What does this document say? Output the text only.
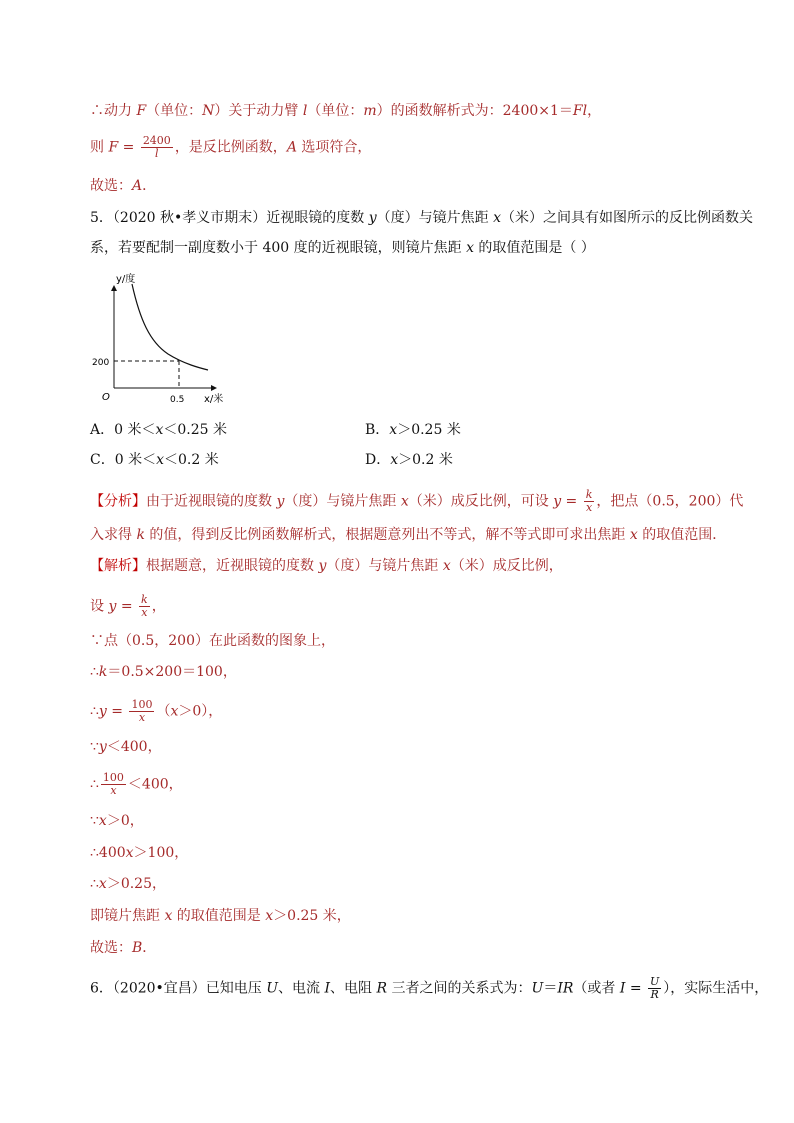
∴动力 F（单位：N）关于动力臂 l（单位：m）的函数解析式为：2400×1＝Fl，
则 $F = \frac{2400}{l}$ ，是反比例函数，A 选项符合，
故选：A．
5．（2020 秋•孝义市期末）近视眼镜的度数 y（度）与镜片焦距 x（米）之间具有如图所示的反比例函数关
系，若要配制一副度数小于 400 度的近视眼镜，则镜片焦距 x 的取值范围是（ ）
y/度
x/米
O
200
0.5
A．0 米＜x＜0.25 米	B．x＞0.25 米
C．0 米＜x＜0.2 米	D．x＞0.2 米
【分析】由于近视眼镜的度数 y（度）与镜片焦距 x（米）成反比例，可设 $y = \frac{k}{x}$ ，把点（0.5，200）代
入求得 k 的值，得到反比例函数解析式，根据题意列出不等式，解不等式即可求出焦距 x 的取值范围．
【解析】根据题意，近视眼镜的度数 y（度）与镜片焦距 x（米）成反比例，
设 $y = \frac{k}{x}$ ，
∵点（0.5，200）在此函数的图象上，
∴k＝0.5×200＝100，
∴y = $\frac{100}{x} (x>0)$，
∵y＜400，
∴ $\frac{100}{x} <400$，
∵x＞0，
∴400x＞100，
∴x＞0.25，
即镜片焦距 x 的取值范围是 x＞0.25 米，
故选：B．
6．（2020•宜昌）已知电压 U、电流 I、电阻 R 三者之间的关系式为：U＝IR（或者 $I = \frac{U}{R}$ ），实际生活中，
